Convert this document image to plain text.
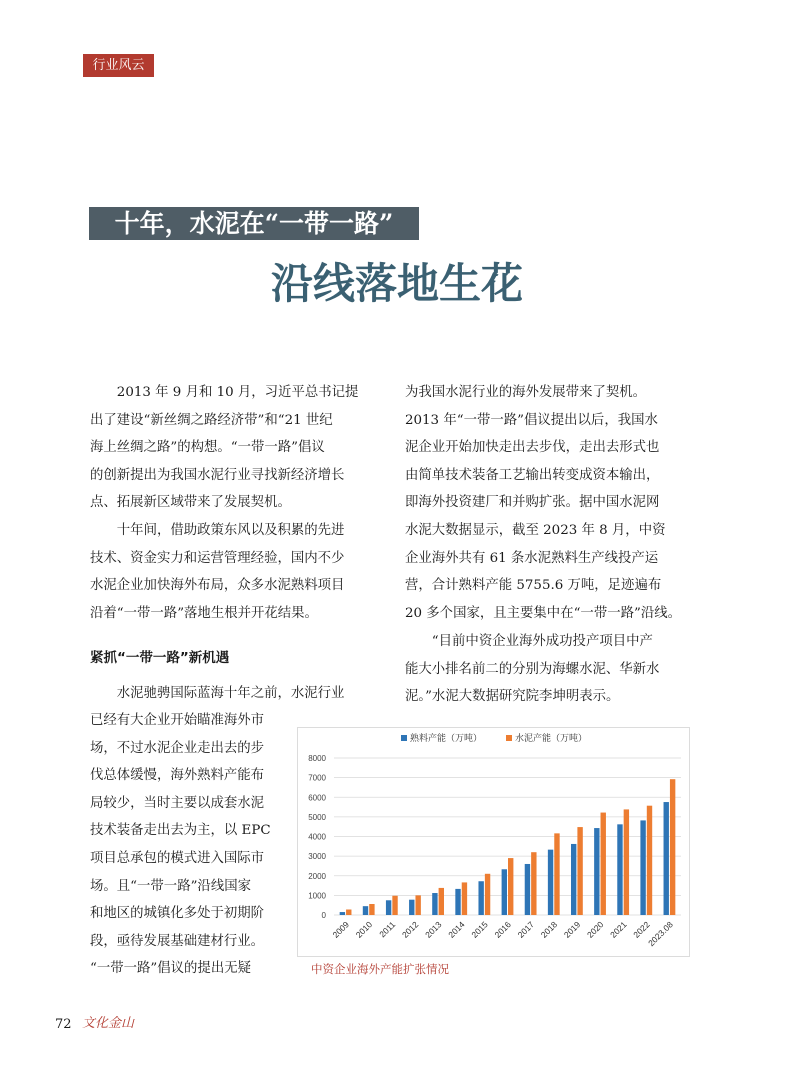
行业风云
十年，水泥在“一带一路”
沿线落地生花

2013 年 9 月和 10 月，习近平总书记提
出了建设“新丝绸之路经济带”和“21 世纪
海上丝绸之路”的构想。“一带一路”倡议
的创新提出为我国水泥行业寻找新经济增长
点、拓展新区域带来了发展契机。

十年间，借助政策东风以及积累的先进
技术、资金实力和运营管理经验，国内不少
水泥企业加快海外布局，众多水泥熟料项目
沿着“一带一路”落地生根并开花结果。

紧抓“一带一路”新机遇

水泥驰骋国际蓝海十年之前，水泥行业

已经有大企业开始瞄准海外市
场，不过水泥企业走出去的步
伐总体缓慢，海外熟料产能布
局较少，当时主要以成套水泥
技术装备走出去为主，以 EPC
项目总承包的模式进入国际市
场。且“一带一路”沿线国家
和地区的城镇化多处于初期阶
段，亟待发展基础建材行业。
“一带一路”倡议的提出无疑

为我国水泥行业的海外发展带来了契机。
2013 年“一带一路”倡议提出以后，我国水
泥企业开始加快走出去步伐，走出去形式也
由简单技术装备工艺输出转变成资本输出，
即海外投资建厂和并购扩张。据中国水泥网
水泥大数据显示，截至 2023 年 8 月，中资
企业海外共有 61 条水泥熟料生产线投产运
营，合计熟料产能 5755.6 万吨，足迹遍布
20 多个国家，且主要集中在“一带一路”沿线。

“目前中资企业海外成功投产项目中产
能大小排名前二的分别为海螺水泥、华新水
泥。”水泥大数据研究院李坤明表示。

0
1000
2000
3000
4000
5000
6000
7000
8000
熟料产能（万吨）	水泥产能（万吨）
2009 2010 2011 2012 2013 2014 2015 2016 2017 2018 2019 2020 2021 2022
2023.08
中资企业海外产能扩张情况
72 文化金山
